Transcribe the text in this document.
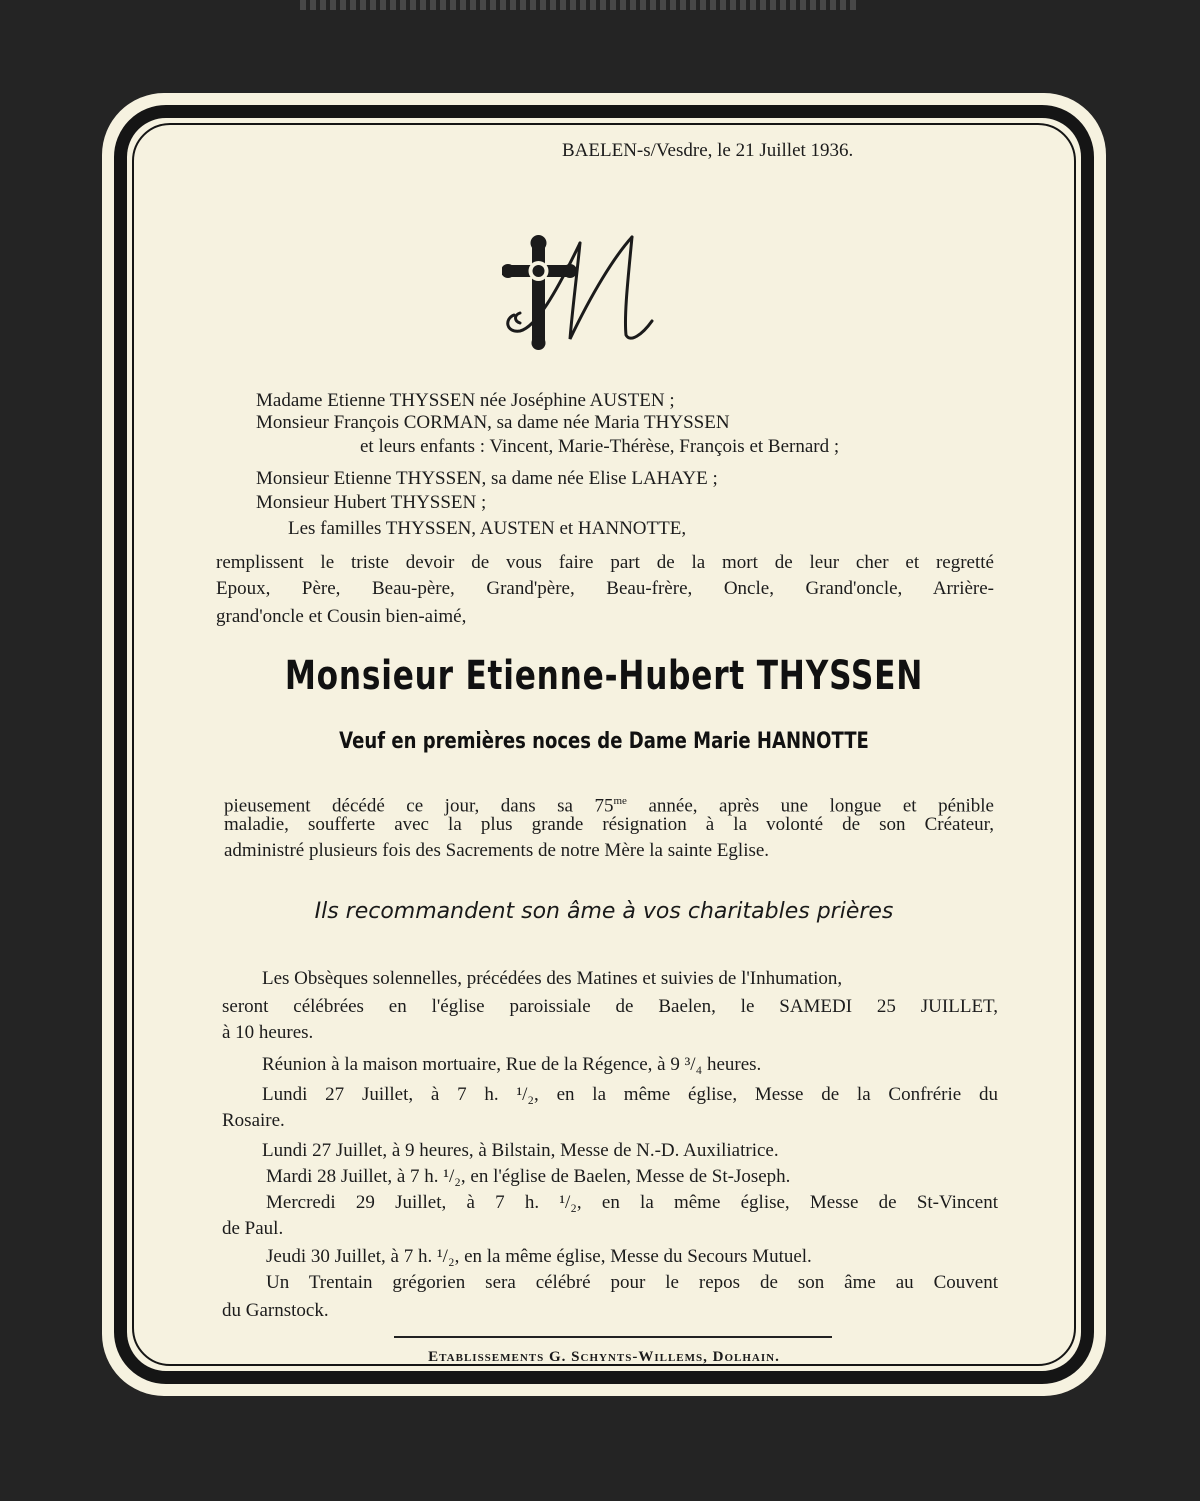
BAELEN-s/Vesdre, le 21 Juillet 1936.
Madame Etienne THYSSEN née Joséphine AUSTEN ;
Monsieur François CORMAN, sa dame née Maria THYSSEN
et leurs enfants : Vincent, Marie-Thérèse, François et Bernard ;
Monsieur Etienne THYSSEN, sa dame née Elise LAHAYE ;
Monsieur Hubert THYSSEN ;
Les familles THYSSEN, AUSTEN et HANNOTTE,
remplissent le triste devoir de vous faire part de la mort de leur cher et regretté
Epoux, Père, Beau-père, Grand'père, Beau-frère, Oncle, Grand'oncle, Arrière-
grand'oncle et Cousin bien-aimé,
Monsieur Etienne-Hubert THYSSEN
Veuf en premières noces de Dame Marie HANNOTTE
pieusement décédé ce jour, dans sa $75^{me}$ année, après une longue et pénible
maladie, soufferte avec la plus grande résignation à la volonté de son Créateur,
administré plusieurs fois des Sacrements de notre Mère la sainte Eglise.
Ils recommandent son âme à vos charitables prières
Les Obsèques solennelles, précédées des Matines et suivies de l'Inhumation,
seront célébrées en l'église paroissiale de Baelen, le SAMEDI 25 JUILLET,
à 10 heures.
Réunion à la maison mortuaire, Rue de la Régence, à 9 ³/₄ heures.
Lundi 27 Juillet, à 7 h. ¹/₂, en la même église, Messe de la Confrérie du
Rosaire.
Lundi 27 Juillet, à 9 heures, à Bilstain, Messe de N.-D. Auxiliatrice.
Mardi 28 Juillet, à 7 h. ¹/₂, en l'église de Baelen, Messe de St-Joseph.
Mercredi 29 Juillet, à 7 h. ¹/₂, en la même église, Messe de St-Vincent
de Paul.
Jeudi 30 Juillet, à 7 h. ¹/₂, en la même église, Messe du Secours Mutuel.
Un Trentain grégorien sera célébré pour le repos de son âme au Couvent
du Garnstock.
Etablissements G. Schynts-Willems, Dolhain.
